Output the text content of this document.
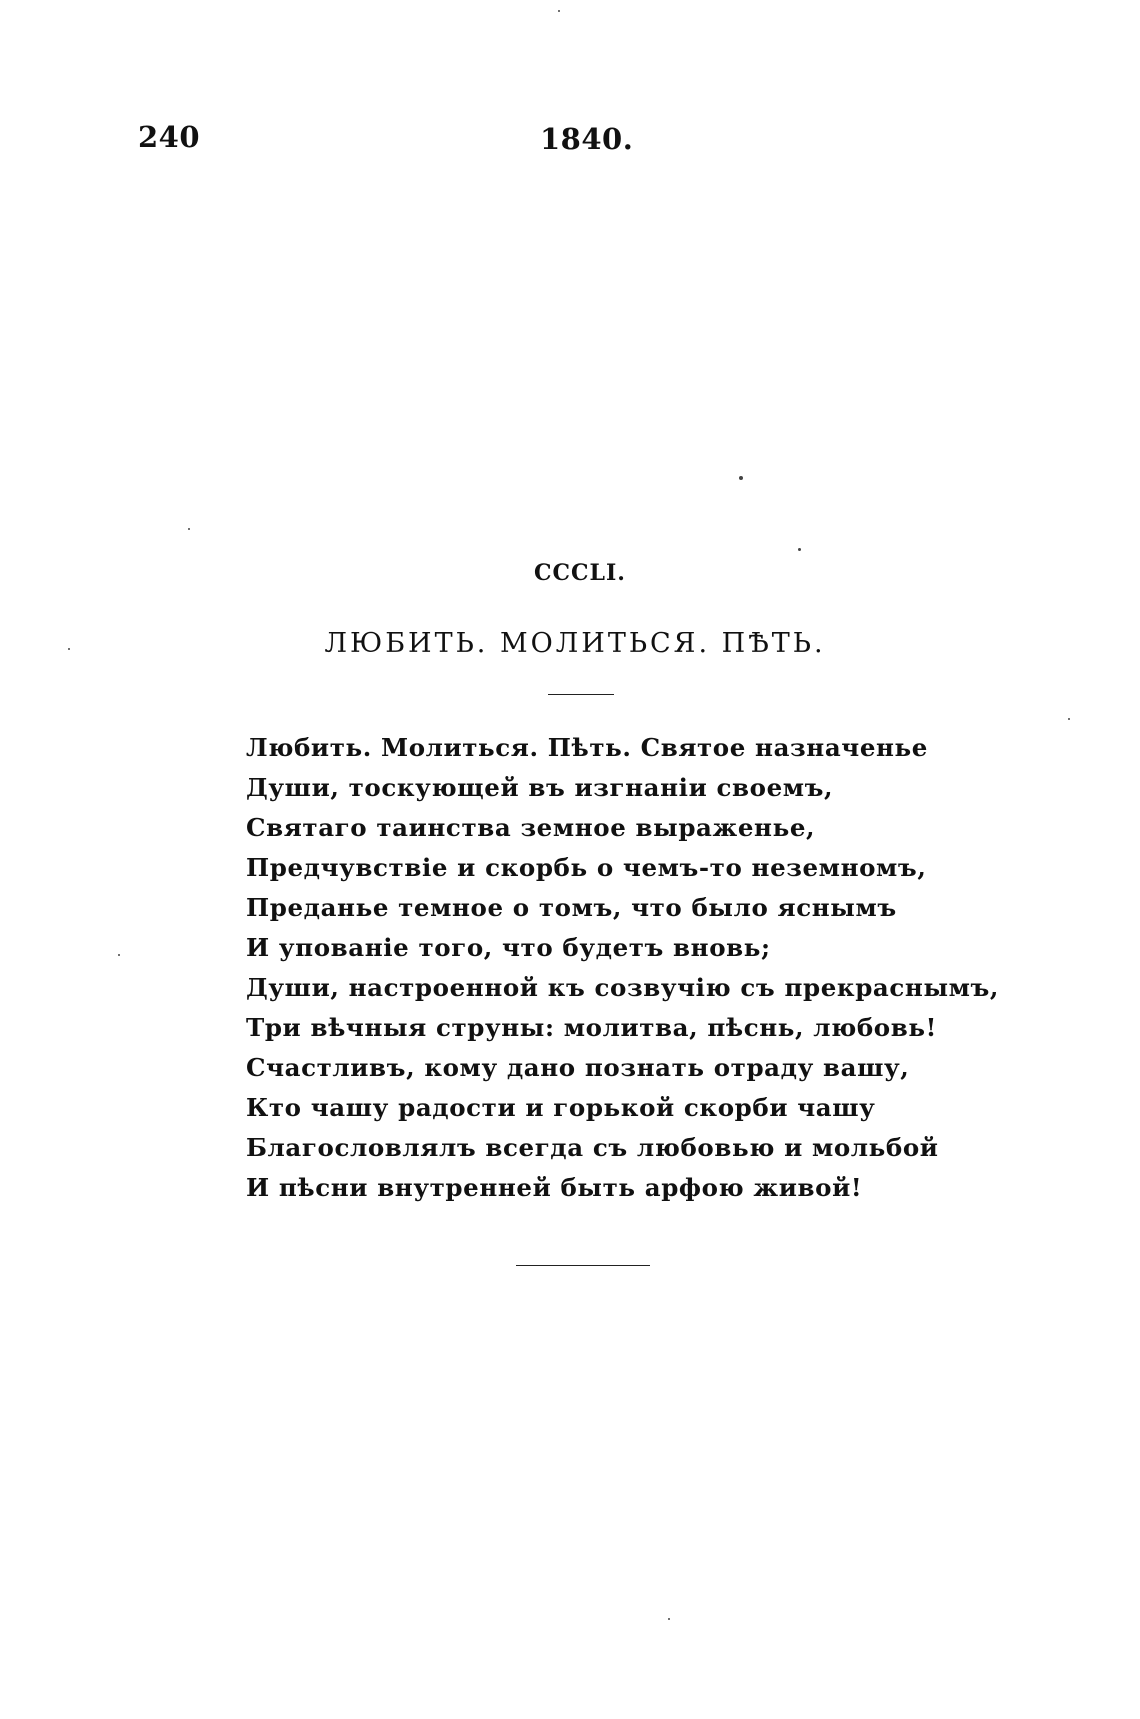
240	1840.
CCCLI.
ЛЮБИТЬ. МОЛИТЬСЯ. ПѢТЬ.
Любить. Молиться. Пѣть. Святое назначенье
Души, тоскующей въ изгнаніи своемъ,
Святаго таинства земное выраженье,
Предчувствіе и скорбь о чемъ-то неземномъ,
Преданье темное о томъ, что было яснымъ
И упованіе того, что будетъ вновь;
Души, настроенной къ созвучію съ прекраснымъ,
Три вѣчныя струны: молитва, пѣснь, любовь!
Счастливъ, кому дано познать отраду вашу,
Кто чашу радости и горькой скорби чашу
Благословлялъ всегда съ любовью и мольбой
И пѣсни внутренней быть арфою живой!
